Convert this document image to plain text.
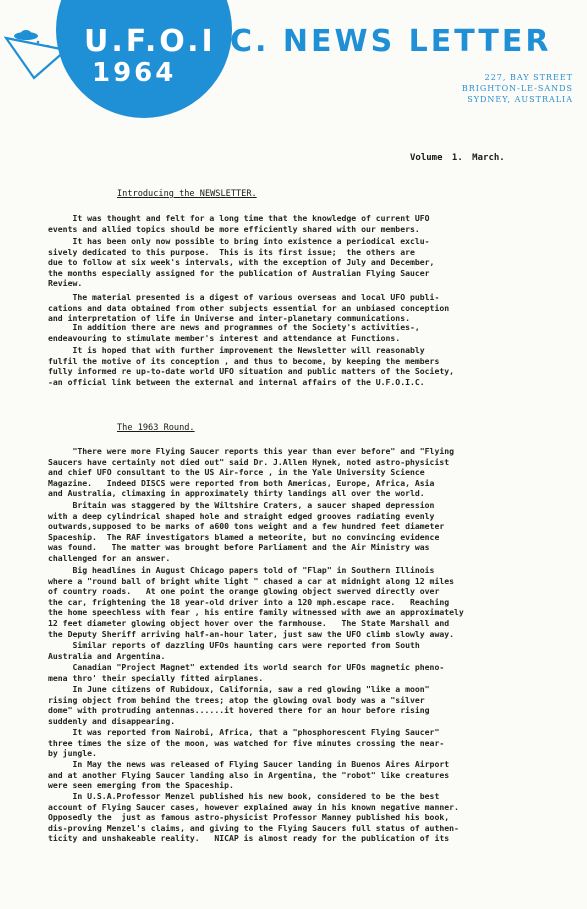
U.F.O.I.C. NEWS LETTER
1964	227, BAY STREET
BRIGHTON-LE-SANDS
SYDNEY, AUSTRALIA
Volume 1. March.
Introducing the NEWSLETTER.
It was thought and felt for a long time that the knowledge of current UFO
events and allied topics should be more efficiently shared with our members.
It has been only now possible to bring into existence a periodical exclu-
sively dedicated to this purpose.  This is its first issue;  the others are
due to follow at six week's intervals, with the exception of July and December,
the months especially assigned for the publication of Australian Flying Saucer
Review.
The material presented is a digest of various overseas and local UFO publi-
cations and data obtained from other subjects essential for an unbiased conception
and interpretation of life in Universe and inter-planetary communications.
In addition there are news and programmes of the Society's activities-,
endeavouring to stimulate member's interest and attendance at Functions.
It is hoped that with further improvement the Newsletter will reasonably
fulfil the motive of its conception , and thus to become, by keeping the members
fully informed re up-to-date world UFO situation and public matters of the Society,
-an official link between the external and internal affairs of the U.F.O.I.C.
The 1963 Round.
"There were more Flying Saucer reports this year than ever before" and "Flying
Saucers have certainly not died out" said Dr. J.Allen Hynek, noted astro-physicist
and chief UFO consultant to the US Air-force , in the Yale University Science
Magazine.   Indeed DISCS were reported from both Americas, Europe, Africa, Asia
and Australia, climaxing in approximately thirty landings all over the world.
Britain was staggered by the Wiltshire Craters, a saucer shaped depression
with a deep cylindrical shaped hole and straight edged grooves radiating evenly
outwards,supposed to be marks of a600 tons weight and a few hundred feet diameter
Spaceship.  The RAF investigators blamed a meteorite, but no convincing evidence
was found.   The matter was brought before Parliament and the Air Ministry was
challenged for an answer.
Big headlines in August Chicago papers told of "Flap" in Southern Illinois
where a "round ball of bright white light " chased a car at midnight along 12 miles
of country roads.   At one point the orange glowing object swerved directly over
the car, frightening the 18 year-old driver into a 120 mph.escape race.   Reaching
the home speechless with fear , his entire family witnessed with awe an approximately
12 feet diameter glowing object hover over the farmhouse.   The State Marshall and
the Deputy Sheriff arriving half-an-hour later, just saw the UFO climb slowly away.
Similar reports of dazzling UFOs haunting cars were reported from South
Australia and Argentina.
Canadian "Project Magnet" extended its world search for UFOs magnetic pheno-
mena thro' their specially fitted airplanes.
In June citizens of Rubidoux, California, saw a red glowing "like a moon"
rising object from behind the trees; atop the glowing oval body was a "silver
dome" with protruding antennas......it hovered there for an hour before rising
suddenly and disappearing.
It was reported from Nairobi, Africa, that a "phosphorescent Flying Saucer"
three times the size of the moon, was watched for five minutes crossing the near-
by jungle.
In May the news was released of Flying Saucer landing in Buenos Aires Airport
and at another Flying Saucer landing also in Argentina, the "robot" like creatures
were seen emerging from the Spaceship.
In U.S.A.Professor Menzel published his new book, considered to be the best
account of Flying Saucer cases, however explained away in his known negative manner.
Opposedly the  just as famous astro-physicist Professor Manney published his book,
dis-proving Menzel's claims, and giving to the Flying Saucers full status of authen-
ticity and unshakeable reality.   NICAP is almost ready for the publication of its
